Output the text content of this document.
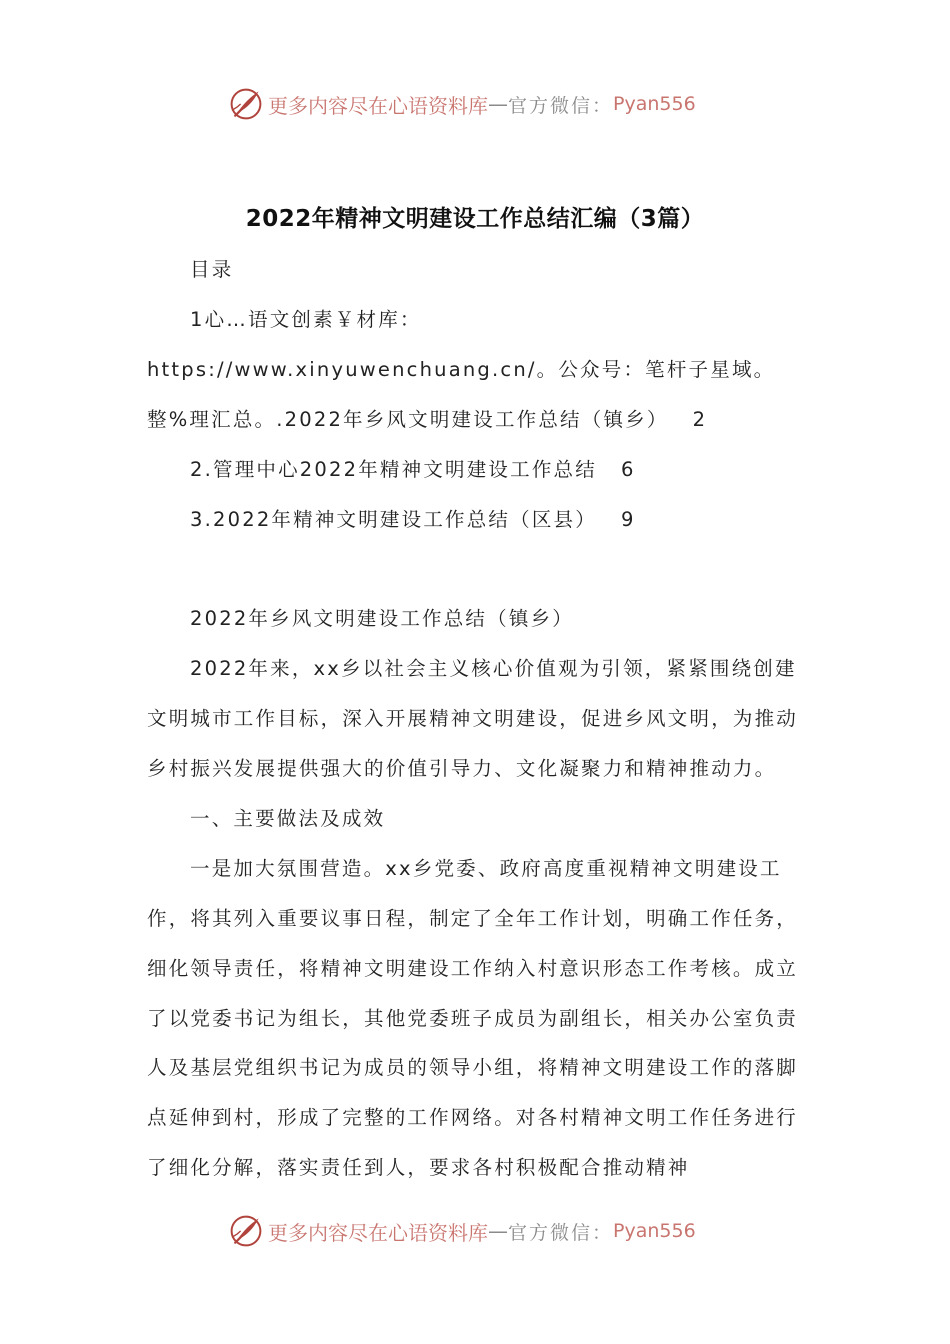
更多内容尽在心语资料库 — 官方微信： Pyan556
2022年精神文明建设工作总结汇编（3篇）

目录

1心…语文创素￥材库：https://www.xinyuwenchuang.cn/。公众号：笔杆子星域。整%理汇总。.2022年乡风文明建设工作总结（镇乡） 2

2.管理中心2022年精神文明建设工作总结 6

3.2022年精神文明建设工作总结（区县） 9

2022年乡风文明建设工作总结（镇乡）

2022年来，xx乡以社会主义核心价值观为引领，紧紧围绕创建文明城市工作目标，深入开展精神文明建设，促进乡风文明，为推动乡村振兴发展提供强大的价值引导力、文化凝聚力和精神推动力。

一、主要做法及成效

一是加大氛围营造。xx乡党委、政府高度重视精神文明建设工作，将其列入重要议事日程，制定了全年工作计划，明确工作任务，细化领导责任，将精神文明建设工作纳入村意识形态工作考核。成立了以党委书记为组长，其他党委班子成员为副组长，相关办公室负责人及基层党组织书记为成员的领导小组，将精神文明建设工作的落脚点延伸到村，形成了完整的工作网络。对各村精神文明工作任务进行了细化分解，落实责任到人，要求各村积极配合推动精神

更多内容尽在心语资料库 — 官方微信： Pyan556
